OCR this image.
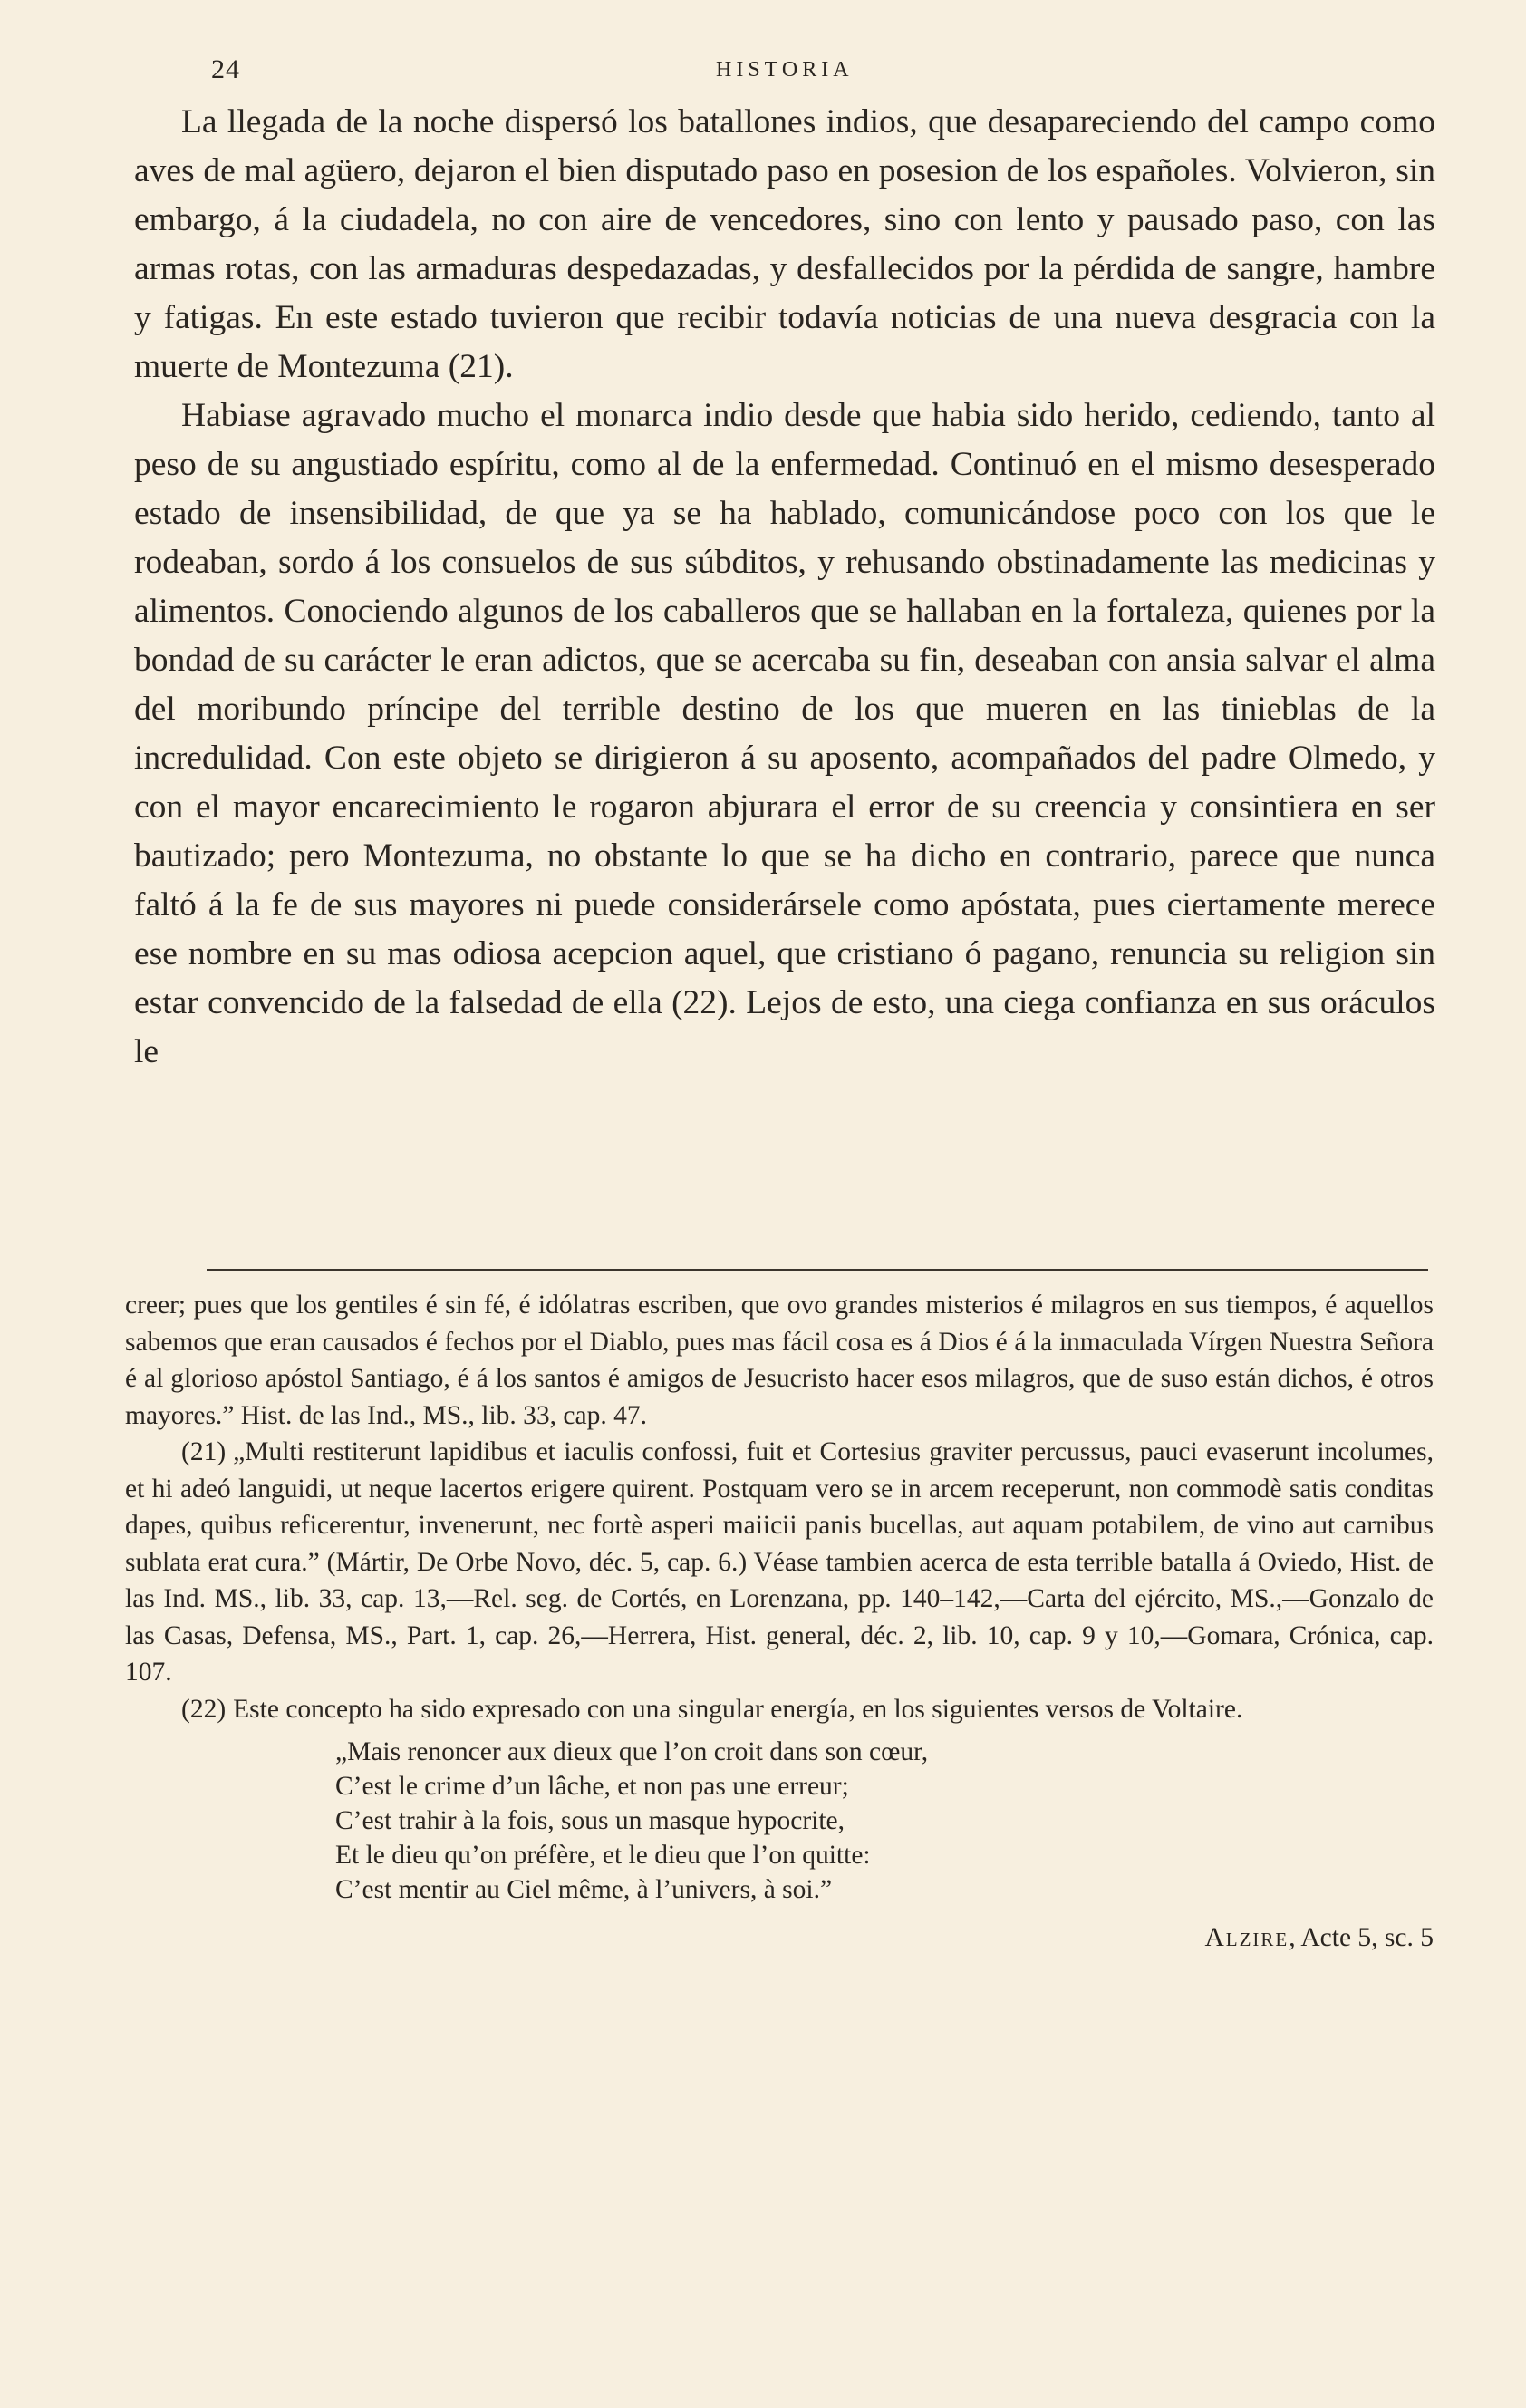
24	HISTORIA

La llegada de la noche dispersó los batallones indios, que desapareciendo del campo como aves de mal agüero, dejaron el bien disputado paso en posesion de los españoles. Volvieron, sin embargo, á la ciudadela, no con aire de vencedores, sino con lento y pausado paso, con las armas rotas, con las armaduras despedazadas, y desfallecidos por la pérdida de sangre, hambre y fatigas. En este estado tuvieron que recibir todavía noticias de una nueva desgracia con la muerte de Montezuma (21).

Habiase agravado mucho el monarca indio desde que habia sido herido, cediendo, tanto al peso de su angustiado espíritu, como al de la enfermedad. Continuó en el mismo desesperado estado de insensibilidad, de que ya se ha hablado, comunicándose poco con los que le rodeaban, sordo á los consuelos de sus súbditos, y rehusando obstinadamente las medicinas y alimentos. Conociendo algunos de los caballeros que se hallaban en la fortaleza, quienes por la bondad de su carácter le eran adictos, que se acercaba su fin, deseaban con ansia salvar el alma del moribundo príncipe del terrible destino de los que mueren en las tinieblas de la incredulidad. Con este objeto se dirigieron á su aposento, acompañados del padre Olmedo, y con el mayor encarecimiento le rogaron abjurara el error de su creencia y consintiera en ser bautizado; pero Montezuma, no obstante lo que se ha dicho en contrario, parece que nunca faltó á la fe de sus mayores ni puede considerársele como apóstata, pues ciertamente merece ese nombre en su mas odiosa acepcion aquel, que cristiano ó pagano, renuncia su religion sin estar convencido de la falsedad de ella (22). Lejos de esto, una ciega confianza en sus oráculos le

creer; pues que los gentiles é sin fé, é idólatras escriben, que ovo grandes misterios é milagros en sus tiempos, é aquellos sabemos que eran causados é fechos por el Diablo, pues mas fácil cosa es á Dios é á la inmaculada Vírgen Nuestra Señora é al glorioso apóstol Santiago, é á los santos é amigos de Jesucristo hacer esos milagros, que de suso están dichos, é otros mayores.” Hist. de las Ind., MS., lib. 33, cap. 47.

(21) „Multi restiterunt lapidibus et iaculis confossi, fuit et Cortesius graviter percussus, pauci evaserunt incolumes, et hi adeó languidi, ut neque lacertos erigere quirent. Postquam vero se in arcem receperunt, non commodè satis conditas dapes, quibus reficerentur, invenerunt, nec fortè asperi maiicii panis bucellas, aut aquam potabilem, de vino aut carnibus sublata erat cura.” (Mártir, De Orbe Novo, déc. 5, cap. 6.) Véase tambien acerca de esta terrible batalla á Oviedo, Hist. de las Ind. MS., lib. 33, cap. 13,—Rel. seg. de Cortés, en Lorenzana, pp. 140–142,—Carta del ejército, MS.,—Gonzalo de las Casas, Defensa, MS., Part. 1, cap. 26,—Herrera, Hist. general, déc. 2, lib. 10, cap. 9 y 10,—Gomara, Crónica, cap. 107.

(22) Este concepto ha sido expresado con una singular energía, en los siguientes versos de Voltaire.

„Mais renoncer aux dieux que l’on croit dans son cœur,
C’est le crime d’un lâche, et non pas une erreur;
C’est trahir à la fois, sous un masque hypocrite,
Et le dieu qu’on préfère, et le dieu que l’on quitte:
C’est mentir au Ciel même, à l’univers, à soi.”
Alzire, Acte 5, sc. 5
